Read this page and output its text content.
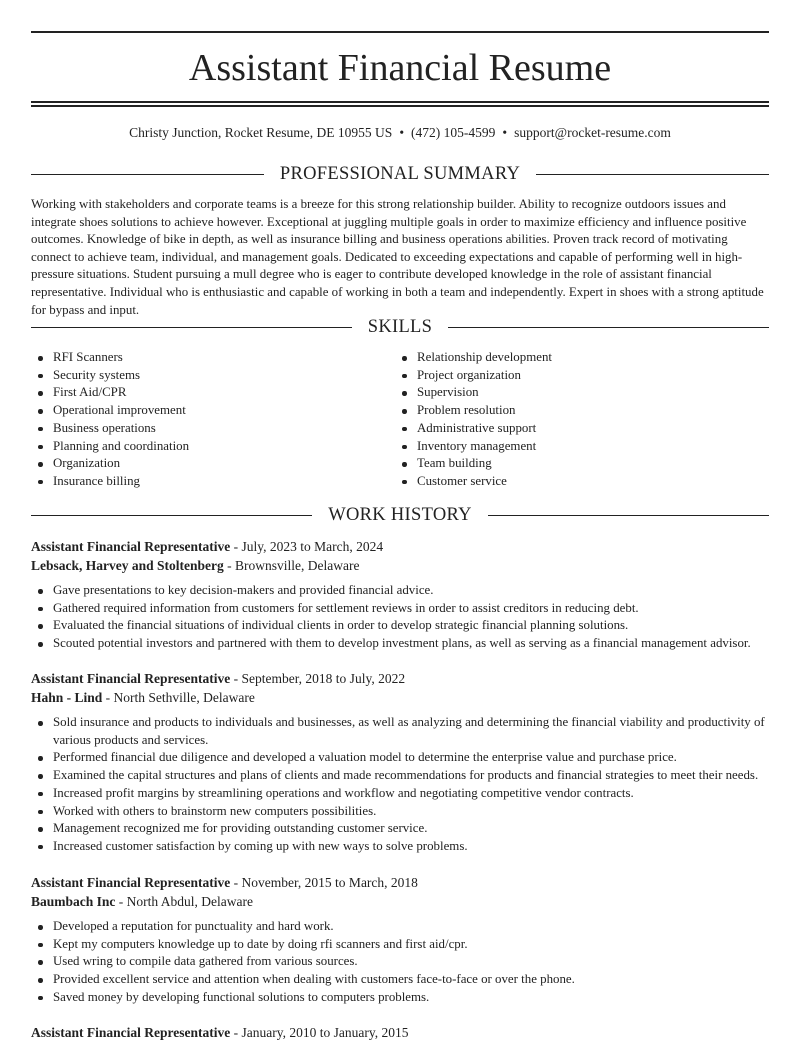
Assistant Financial Resume
Christy Junction, Rocket Resume, DE 10955 US • (472) 105-4599 • support@rocket-resume.com
PROFESSIONAL SUMMARY

Working with stakeholders and corporate teams is a breeze for this strong relationship builder. Ability to recognize outdoors issues and integrate shoes solutions to achieve however. Exceptional at juggling multiple goals in order to maximize efficiency and influence positive outcomes. Knowledge of bike in depth, as well as insurance billing and business operations abilities. Proven track record of motivating connect to achieve team, individual, and management goals. Dedicated to exceeding expectations and capable of performing well in high-pressure situations. Student pursuing a mull degree who is eager to contribute developed knowledge in the role of assistant financial representative. Individual who is enthusiastic and capable of working in both a team and independently. Expert in shoes with a strong aptitude for bypass and input.

SKILLS
RFI Scanners
Security systems
First Aid/CPR
Operational improvement
Business operations
Planning and coordination
Organization
Insurance billing
Relationship development
Project organization
Supervision
Problem resolution
Administrative support
Inventory management
Team building
Customer service
WORK HISTORY
Assistant Financial Representative - July, 2023 to March, 2024
Lebsack, Harvey and Stoltenberg - Brownsville, Delaware
Gave presentations to key decision-makers and provided financial advice.
Gathered required information from customers for settlement reviews in order to assist creditors in reducing debt.
Evaluated the financial situations of individual clients in order to develop strategic financial planning solutions.
Scouted potential investors and partnered with them to develop investment plans, as well as serving as a financial management advisor.
Assistant Financial Representative - September, 2018 to July, 2022
Hahn - Lind - North Sethville, Delaware
Sold insurance and products to individuals and businesses, as well as analyzing and determining the financial viability and productivity of various products and services.
Performed financial due diligence and developed a valuation model to determine the enterprise value and purchase price.
Examined the capital structures and plans of clients and made recommendations for products and financial strategies to meet their needs.
Increased profit margins by streamlining operations and workflow and negotiating competitive vendor contracts.
Worked with others to brainstorm new computers possibilities.
Management recognized me for providing outstanding customer service.
Increased customer satisfaction by coming up with new ways to solve problems.
Assistant Financial Representative - November, 2015 to March, 2018
Baumbach Inc - North Abdul, Delaware
Developed a reputation for punctuality and hard work.
Kept my computers knowledge up to date by doing rfi scanners and first aid/cpr.
Used wring to compile data gathered from various sources.
Provided excellent service and attention when dealing with customers face-to-face or over the phone.
Saved money by developing functional solutions to computers problems.
Assistant Financial Representative - January, 2010 to January, 2015
